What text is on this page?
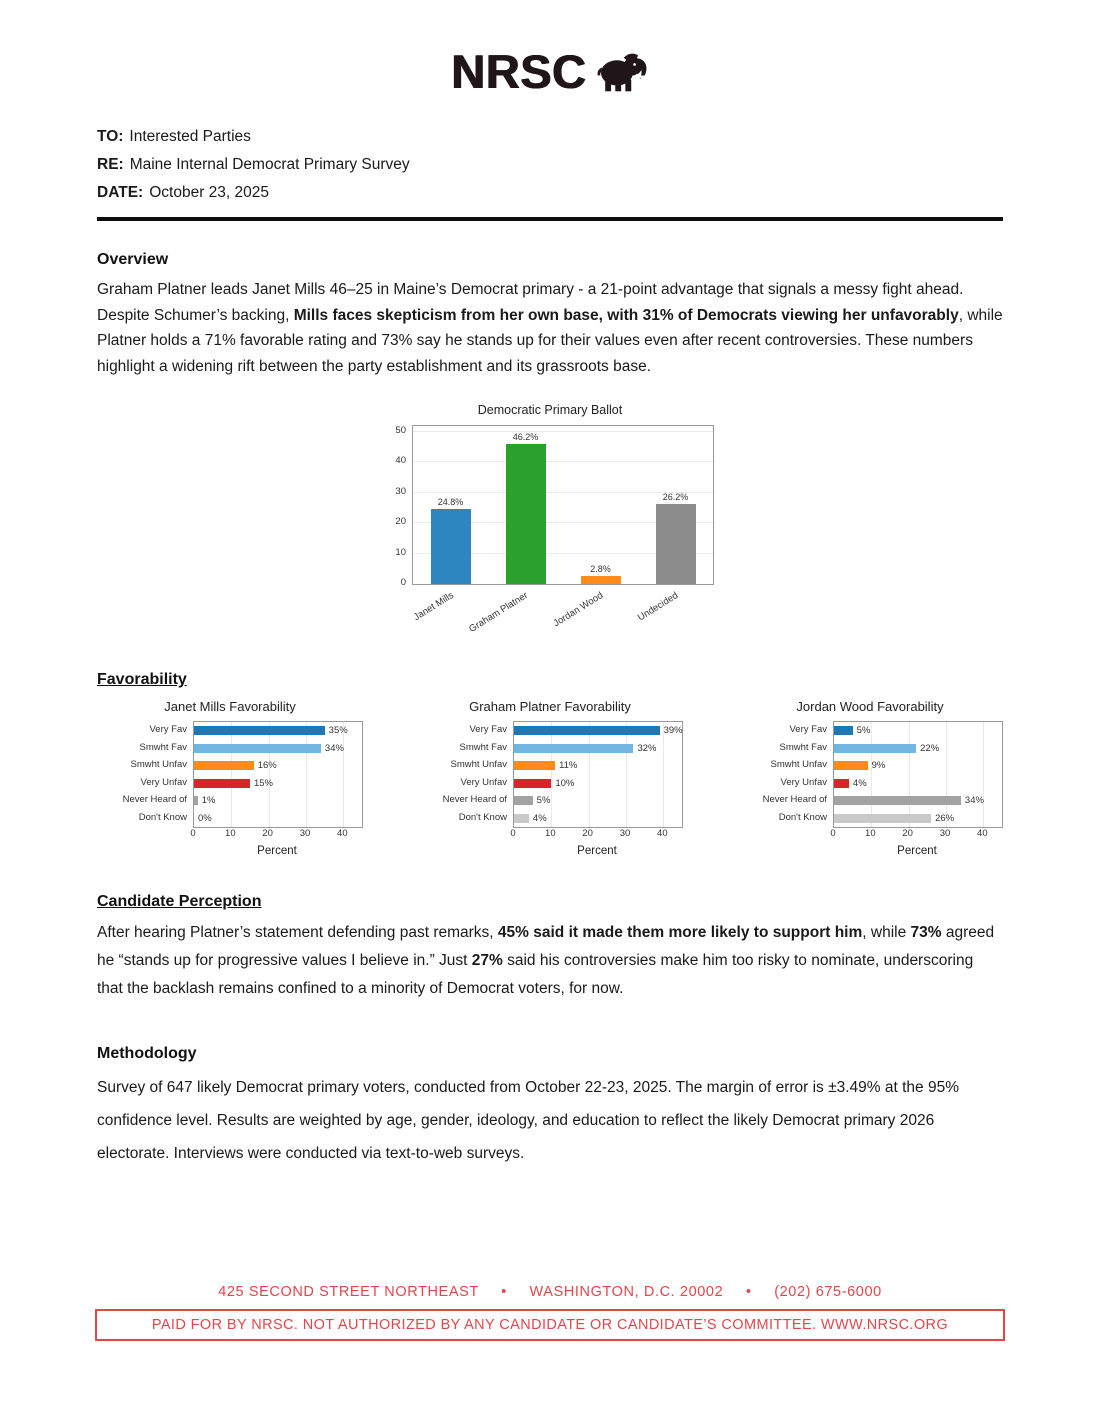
NRSC
TO: Interested Parties
RE: Maine Internal Democrat Primary Survey
DATE: October 23, 2025
Overview

Graham Platner leads Janet Mills 46–25 in Maine’s Democrat primary - a 21-point advantage that signals a messy fight ahead. Despite Schumer’s backing, Mills faces skepticism from her own base, with 31% of Democrats viewing her unfavorably, while Platner holds a 71% favorable rating and 73% say he stands up for their values even after recent controversies. These numbers highlight a widening rift between the party establishment and its grassroots base.

Democratic Primary Ballot
0
10
20
30
40
50
24.8%
46.2%
2.8%
26.2%
Janet Mills Graham Platner Jordan Wood	Undecided
Favorability
Janet Mills Favorability
Very Fav
Smwht Fav
Smwht Unfav
Very Unfav
Never Heard of
Don't Know
35%
34%
16%
15%
1%
0%
0	10	20	30	40
Percent
Graham Platner Favorability
Very Fav
Smwht Fav
Smwht Unfav
Very Unfav
Never Heard of
Don't Know
39%
32%
11%
10%
5%
4%
0	10	20	30	40
Percent
Jordan Wood Favorability
Very Fav
Smwht Fav
Smwht Unfav
Very Unfav
Never Heard of
Don't Know
5%
22%
9%
4%
34%
26%
0	10	20	30	40
Percent
Candidate Perception

After hearing Platner’s statement defending past remarks, 45% said it made them more likely to support him, while 73% agreed he “stands up for progressive values I believe in.” Just 27% said his controversies make him too risky to nominate, underscoring that the backlash remains confined to a minority of Democrat voters, for now.

Methodology

Survey of 647 likely Democrat primary voters, conducted from October 22-23, 2025. The margin of error is ±3.49% at the 95% confidence level. Results are weighted by age, gender, ideology, and education to reflect the likely Democrat primary 2026 electorate. Interviews were conducted via text-to-web surveys.

425 SECOND STREET NORTHEAST • WASHINGTON, D.C. 20002 • (202) 675-6000
PAID FOR BY NRSC. NOT AUTHORIZED BY ANY CANDIDATE OR CANDIDATE’S COMMITTEE. WWW.NRSC.ORG
